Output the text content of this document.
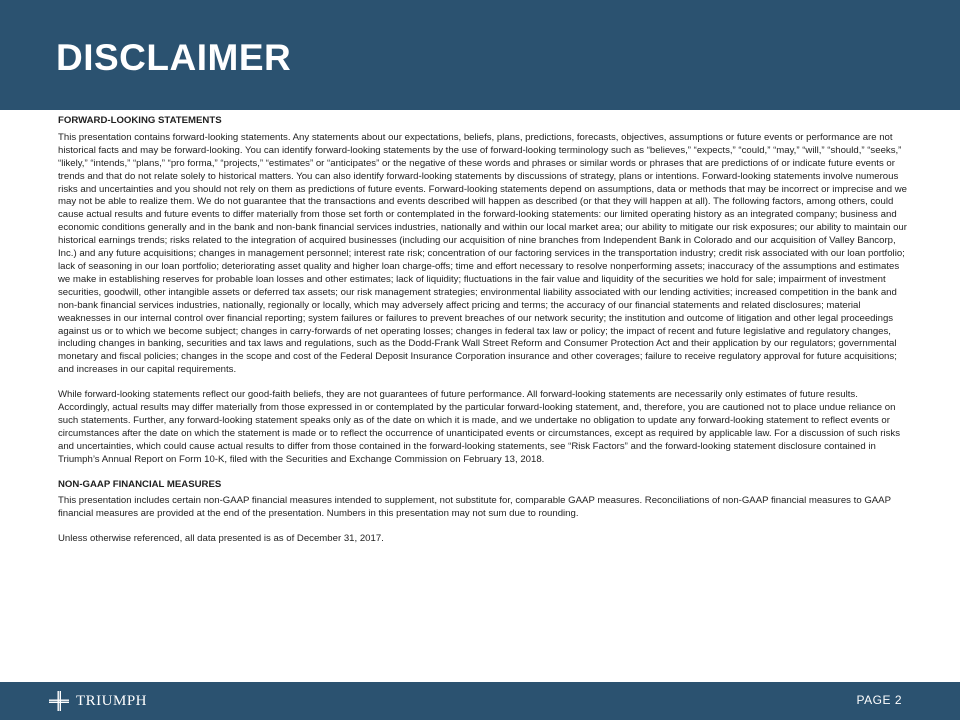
DISCLAIMER

FORWARD-LOOKING STATEMENTS

This presentation contains forward-looking statements. Any statements about our expectations, beliefs, plans, predictions, forecasts, objectives, assumptions or future events or performance are not historical facts and may be forward-looking. You can identify forward-looking statements by the use of forward-looking terminology such as “believes,” “expects,” “could,” “may,” “will,” “should,” “seeks,” “likely,” “intends,” “plans,” “pro forma,” “projects,” “estimates” or “anticipates” or the negative of these words and phrases or similar words or phrases that are predictions of or indicate future events or trends and that do not relate solely to historical matters. You can also identify forward-looking statements by discussions of strategy, plans or intentions. Forward-looking statements involve numerous risks and uncertainties and you should not rely on them as predictions of future events. Forward-looking statements depend on assumptions, data or methods that may be incorrect or imprecise and we may not be able to realize them. We do not guarantee that the transactions and events described will happen as described (or that they will happen at all). The following factors, among others, could cause actual results and future events to differ materially from those set forth or contemplated in the forward-looking statements: our limited operating history as an integrated company; business and economic conditions generally and in the bank and non-bank financial services industries, nationally and within our local market area; our ability to mitigate our risk exposures; our ability to maintain our historical earnings trends; risks related to the integration of acquired businesses (including our acquisition of nine branches from Independent Bank in Colorado and our acquisition of Valley Bancorp, Inc.) and any future acquisitions; changes in management personnel; interest rate risk; concentration of our factoring services in the transportation industry; credit risk associated with our loan portfolio; lack of seasoning in our loan portfolio; deteriorating asset quality and higher loan charge-offs; time and effort necessary to resolve nonperforming assets; inaccuracy of the assumptions and estimates we make in establishing reserves for probable loan losses and other estimates; lack of liquidity; fluctuations in the fair value and liquidity of the securities we hold for sale; impairment of investment securities, goodwill, other intangible assets or deferred tax assets; our risk management strategies; environmental liability associated with our lending activities; increased competition in the bank and non-bank financial services industries, nationally, regionally or locally, which may adversely affect pricing and terms; the accuracy of our financial statements and related disclosures; material weaknesses in our internal control over financial reporting; system failures or failures to prevent breaches of our network security; the institution and outcome of litigation and other legal proceedings against us or to which we become subject; changes in carry-forwards of net operating losses; changes in federal tax law or policy; the impact of recent and future legislative and regulatory changes, including changes in banking, securities and tax laws and regulations, such as the Dodd-Frank Wall Street Reform and Consumer Protection Act and their application by our regulators; governmental monetary and fiscal policies; changes in the scope and cost of the Federal Deposit Insurance Corporation insurance and other coverages; failure to receive regulatory approval for future acquisitions; and increases in our capital requirements.

While forward-looking statements reflect our good-faith beliefs, they are not guarantees of future performance. All forward-looking statements are necessarily only estimates of future results. Accordingly, actual results may differ materially from those expressed in or contemplated by the particular forward-looking statement, and, therefore, you are cautioned not to place undue reliance on such statements. Further, any forward-looking statement speaks only as of the date on which it is made, and we undertake no obligation to update any forward-looking statement to reflect events or circumstances after the date on which the statement is made or to reflect the occurrence of unanticipated events or circumstances, except as required by applicable law. For a discussion of such risks and uncertainties, which could cause actual results to differ from those contained in the forward-looking statements, see “Risk Factors” and the forward-looking statement disclosure contained in Triumph’s Annual Report on Form 10-K, filed with the Securities and Exchange Commission on February 13, 2018.

NON-GAAP FINANCIAL MEASURES

This presentation includes certain non-GAAP financial measures intended to supplement, not substitute for, comparable GAAP measures. Reconciliations of non-GAAP financial measures to GAAP financial measures are provided at the end of the presentation. Numbers in this presentation may not sum due to rounding.

Unless otherwise referenced, all data presented is as of December 31, 2017.

TRIUMPH	PAGE 2
